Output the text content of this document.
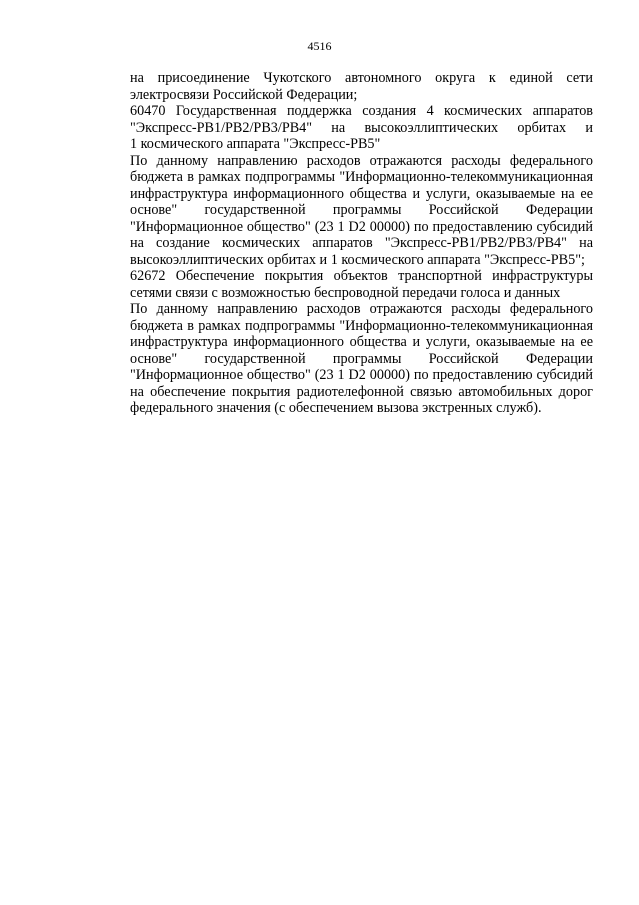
4516
на присоединение Чукотского автономного округа к единой сети
электросвязи Российской Федерации;
60470 Государственная поддержка создания 4 космических аппаратов
"Экспресс-РВ1/РВ2/РВ3/РВ4" на высокоэллиптических орбитах и
1 космического аппарата "Экспресс-РВ5"
По данному направлению расходов отражаются расходы федерального
бюджета в рамках подпрограммы "Информационно-телекоммуникационная
инфраструктура информационного общества и услуги, оказываемые на ее
основе" государственной программы Российской Федерации
"Информационное общество" (23 1 D2 00000) по предоставлению субсидий
на создание космических аппаратов "Экспресс-РВ1/РВ2/РВ3/РВ4" на
высокоэллиптических орбитах и 1 космического аппарата "Экспресс-РВ5";
62672 Обеспечение покрытия объектов транспортной инфраструктуры
сетями связи с возможностью беспроводной передачи голоса и данных
По данному направлению расходов отражаются расходы федерального
бюджета в рамках подпрограммы "Информационно-телекоммуникационная
инфраструктура информационного общества и услуги, оказываемые на ее
основе" государственной программы Российской Федерации
"Информационное общество" (23 1 D2 00000) по предоставлению субсидий
на обеспечение покрытия радиотелефонной связью автомобильных дорог
федерального значения (с обеспечением вызова экстренных служб).
